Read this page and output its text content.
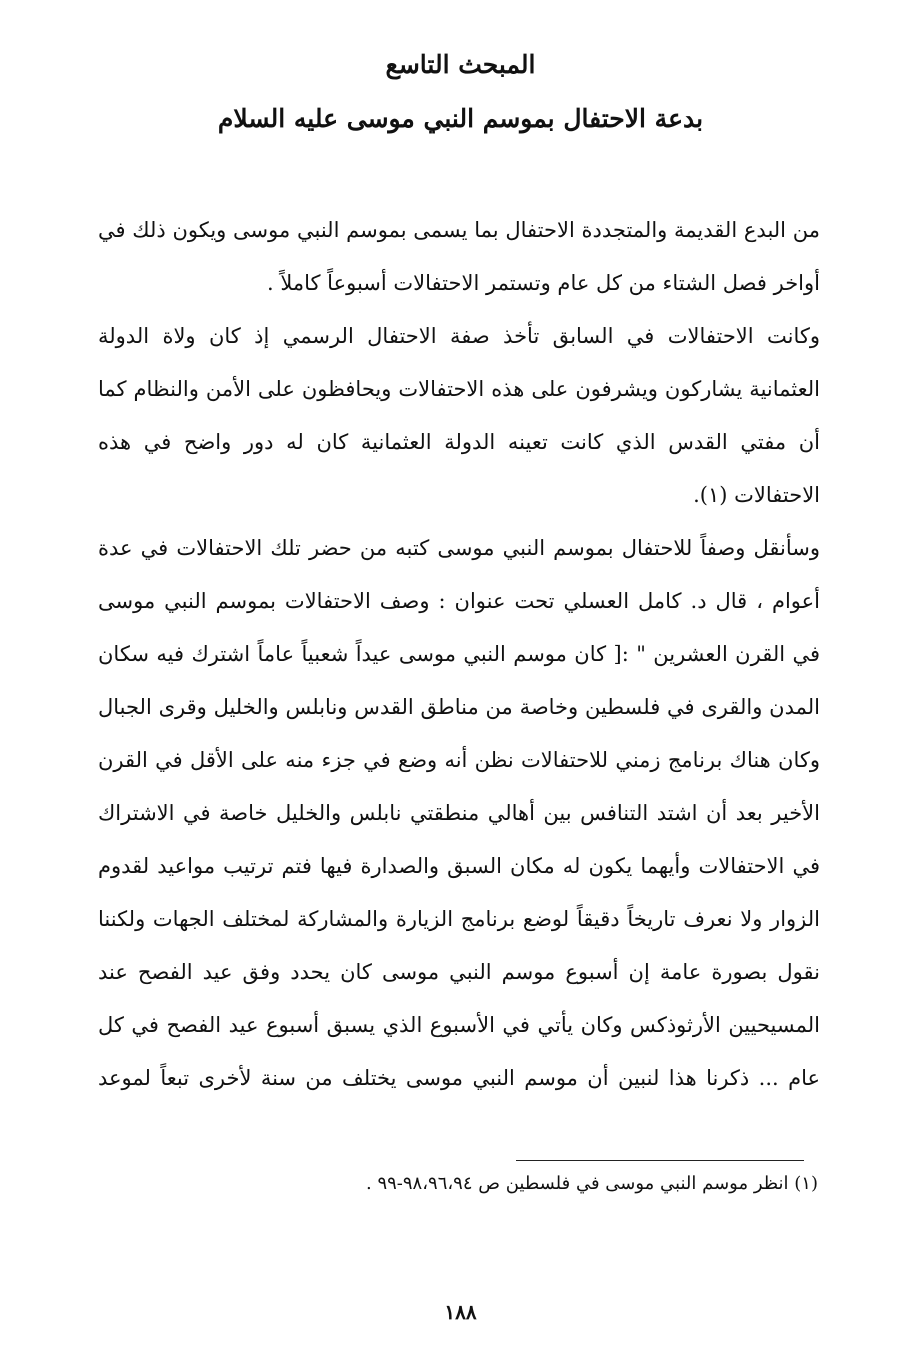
المبحث التاسع
بدعة الاحتفال بموسم النبي موسى عليه السلام
من البدع القديمة والمتجددة الاحتفال بما يسمى بموسم النبي موسى ويكون ذلك في
أواخر فصل الشتاء من كل عام وتستمر الاحتفالات أسبوعاً كاملاً .
وكانت الاحتفالات في السابق تأخذ صفة الاحتفال الرسمي إذ كان ولاة الدولة
العثمانية يشاركون ويشرفون على هذه الاحتفالات ويحافظون على الأمن والنظام كما
أن مفتي القدس الذي كانت تعينه الدولة العثمانية كان له دور واضح في هذه
الاحتفالات (١).
وسأنقل وصفاً للاحتفال بموسم النبي موسى كتبه من حضر تلك الاحتفالات في عدة
أعوام ، قال د. كامل العسلي تحت عنوان : وصف الاحتفالات بموسم النبي موسى
في القرن العشرين " :[ كان موسم النبي موسى عيداً شعبياً عاماً اشترك فيه سكان
المدن والقرى في فلسطين وخاصة من مناطق القدس ونابلس والخليل وقرى الجبال
وكان هناك برنامج زمني للاحتفالات نظن أنه وضع في جزء منه على الأقل في القرن
الأخير بعد أن اشتد التنافس بين أهالي منطقتي نابلس والخليل خاصة في الاشتراك
في الاحتفالات وأيهما يكون له مكان السبق والصدارة فيها فتم ترتيب مواعيد لقدوم
الزوار ولا نعرف تاريخاً دقيقاً لوضع برنامج الزيارة والمشاركة لمختلف الجهات ولكننا
نقول بصورة عامة إن أسبوع موسم النبي موسى كان يحدد وفق عيد الفصح عند
المسيحيين الأرثوذكس وكان يأتي في الأسبوع الذي يسبق أسبوع عيد الفصح في كل
عام ... ذكرنا هذا لنبين أن موسم النبي موسى يختلف من سنة لأخرى تبعاً لموعد
(١) انظر موسم النبي موسى في فلسطين ص ٩٨،٩٦،٩٤-٩٩ .
١٨٨
